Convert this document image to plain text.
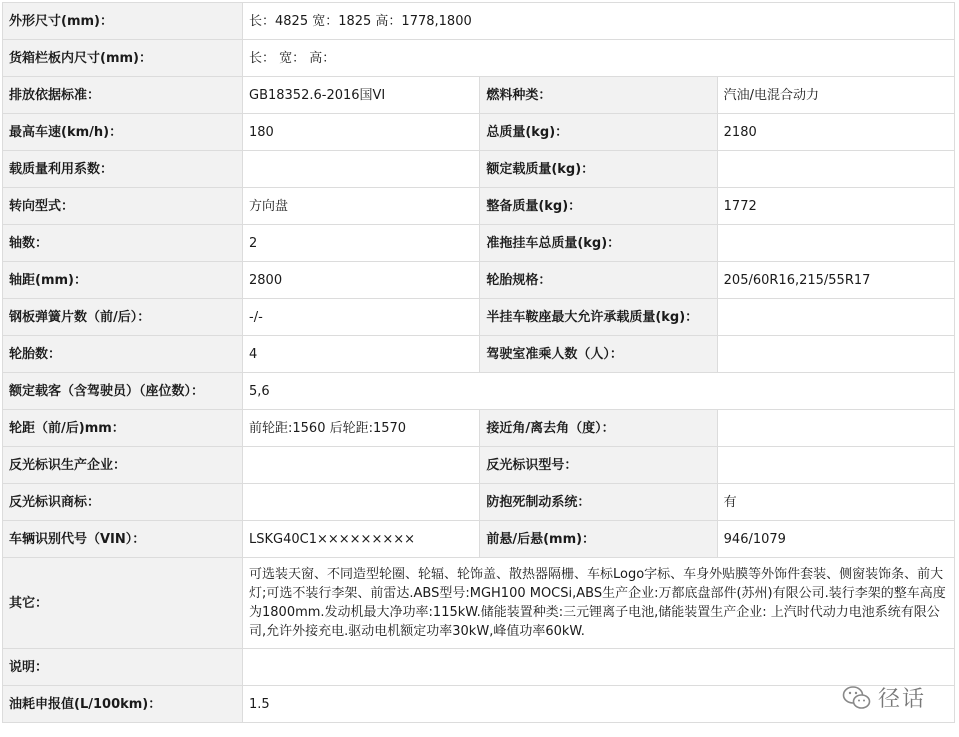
外形尺寸(mm)：	长：4825 宽：1825 高：1778,1800		
货箱栏板内尺寸(mm)：	长： 宽： 高：		
排放依据标准：	GB18352.6-2016国VI	燃料种类：	汽油/电混合动力
最高车速(km/h)：	180	总质量(kg)：	2180
载质量利用系数：		额定载质量(kg)：	
转向型式：	方向盘	整备质量(kg)：	1772
轴数：	2	准拖挂车总质量(kg)：	
轴距(mm)：	2800	轮胎规格：	205/60R16,215/55R17
钢板弹簧片数（前/后）：	-/-	半挂车鞍座最大允许承载质量(kg)：	
轮胎数：	4	驾驶室准乘人数（人）：	
额定载客（含驾驶员）（座位数）：	5,6		
轮距（前/后)mm：	前轮距:1560 后轮距:1570	接近角/离去角（度）：	
反光标识生产企业：		反光标识型号：	
反光标识商标：		防抱死制动系统：	有
车辆识别代号（VIN）：	LSKG40C1×××××××××	前悬/后悬(mm)：	946/1079
其它：	可选装天窗、不同造型轮圈、轮辐、轮饰盖、散热器隔栅、车标Logo字标、车身外贴膜等外饰件套装、侧窗装饰条、前大灯;可选不装行李架、前雷达.ABS型号:MGH100 MOCSi,ABS生产企业:万都底盘部件(苏州)有限公司.装行李架的整车高度为1800mm.发动机最大净功率:115kW.储能装置种类:三元锂离子电池,储能装置生产企业: 上汽时代动力电池系统有限公司,允许外接充电.驱动电机额定功率30kW,峰值功率60kW.		
说明：			
油耗申报值(L/100km)：	1.5			径话
